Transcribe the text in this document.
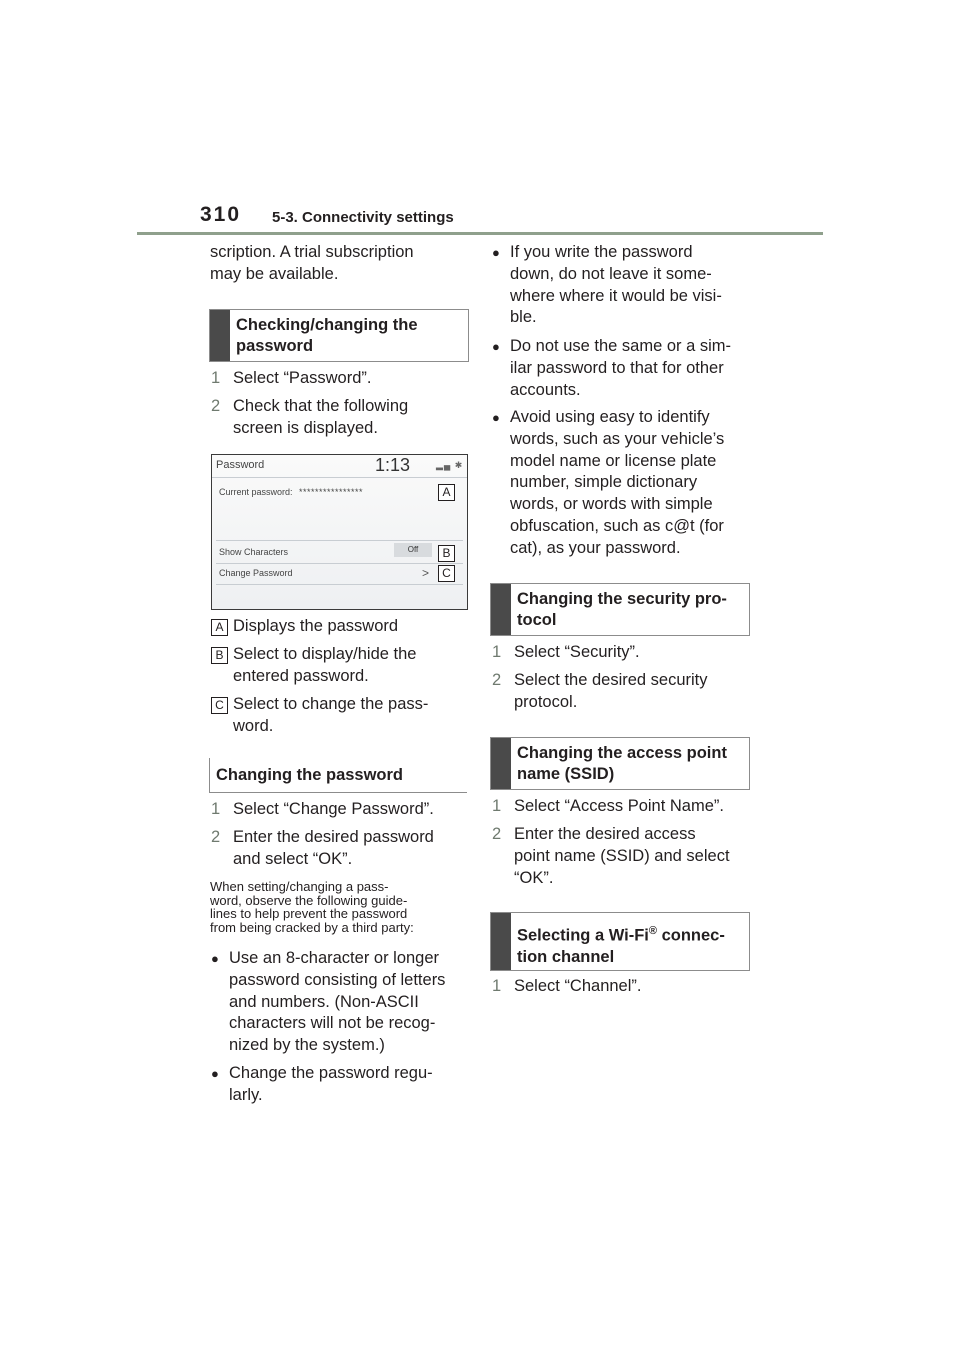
310 5-3. Connectivity settings
scription. A trial subscription
may be available.
Checking/changing the
password
1 Select “Password”.
2 Check that the following
screen is displayed.
Password	1:13	▂▄ ✱
Current password: ****************
Show Characters	Off
Change Password	>
A
B
C
A Displays the password
B Select to display/hide the
entered password.
C Select to change the pass-
word.
Changing the password
1 Select “Change Password”.
2 Enter the desired password
and select “OK”.
When setting/changing a pass-
word, observe the following guide-
lines to help prevent the password
from being cracked by a third party:
● Use an 8-character or longer
password consisting of letters
and numbers. (Non-ASCII
characters will not be recog-
nized by the system.)
● Change the password regu-
larly.
● If you write the password
down, do not leave it some-
where where it would be visi-
ble.
● Do not use the same or a sim-
ilar password to that for other
accounts.
● Avoid using easy to identify
words, such as your vehicle’s
model name or license plate
number, simple dictionary
words, or words with simple
obfuscation, such as c@t (for
cat), as your password.
Changing the security pro-
tocol
1 Select “Security”.
2 Select the desired security
protocol.
Changing the access point
name (SSID)
1 Select “Access Point Name”.
2 Enter the desired access
point name (SSID) and select
“OK”.
Selecting a Wi-Fi® connec-
tion channel
1 Select “Channel”.
